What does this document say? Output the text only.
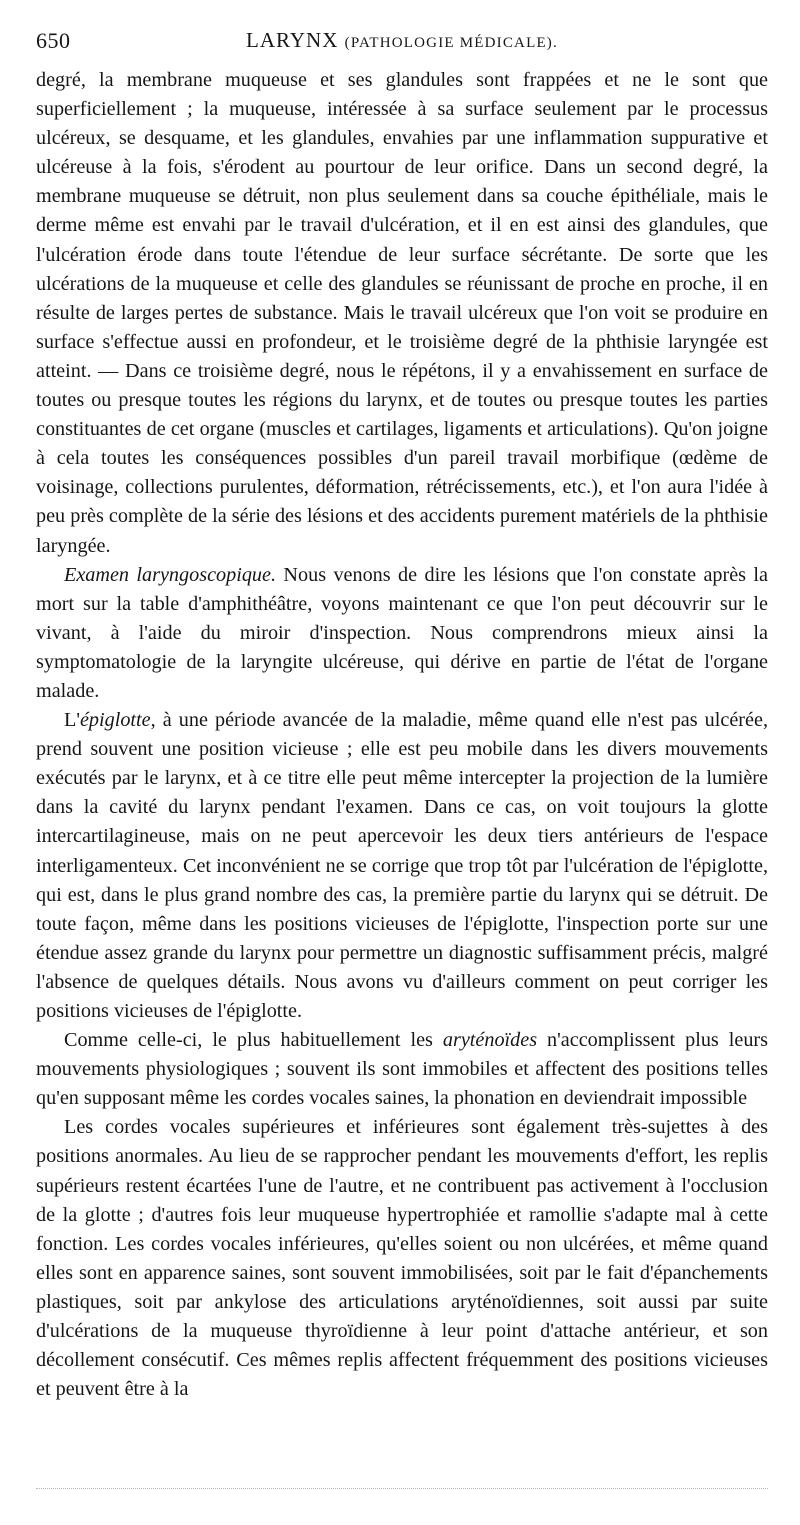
650	LARYNX (PATHOLOGIE MÉDICALE).

degré, la membrane muqueuse et ses glandules sont frappées et ne le sont que superficiellement ; la muqueuse, intéressée à sa surface seulement par le processus ulcéreux, se desquame, et les glandules, envahies par une inflammation suppurative et ulcéreuse à la fois, s'érodent au pourtour de leur orifice. Dans un second degré, la membrane muqueuse se détruit, non plus seulement dans sa couche épithéliale, mais le derme même est envahi par le travail d'ulcération, et il en est ainsi des glandules, que l'ulcération érode dans toute l'étendue de leur surface sécrétante. De sorte que les ulcérations de la muqueuse et celle des glandules se réunissant de proche en proche, il en résulte de larges pertes de substance. Mais le travail ulcéreux que l'on voit se produire en surface s'effectue aussi en profondeur, et le troisième degré de la phthisie laryngée est atteint. — Dans ce troisième degré, nous le répétons, il y a envahissement en surface de toutes ou presque toutes les régions du larynx, et de toutes ou presque toutes les parties constituantes de cet organe (muscles et cartilages, ligaments et articulations). Qu'on joigne à cela toutes les conséquences possibles d'un pareil travail morbifique (œdème de voisinage, collections purulentes, déformation, rétrécissements, etc.), et l'on aura l'idée à peu près complète de la série des lésions et des accidents purement matériels de la phthisie laryngée.

Examen laryngoscopique. Nous venons de dire les lésions que l'on constate après la mort sur la table d'amphithéâtre, voyons maintenant ce que l'on peut découvrir sur le vivant, à l'aide du miroir d'inspection. Nous comprendrons mieux ainsi la symptomatologie de la laryngite ulcéreuse, qui dérive en partie de l'état de l'organe malade.

L'épiglotte, à une période avancée de la maladie, même quand elle n'est pas ulcérée, prend souvent une position vicieuse ; elle est peu mobile dans les divers mouvements exécutés par le larynx, et à ce titre elle peut même intercepter la projection de la lumière dans la cavité du larynx pendant l'examen. Dans ce cas, on voit toujours la glotte intercartilagineuse, mais on ne peut apercevoir les deux tiers antérieurs de l'espace interligamenteux. Cet inconvénient ne se corrige que trop tôt par l'ulcération de l'épiglotte, qui est, dans le plus grand nombre des cas, la première partie du larynx qui se détruit. De toute façon, même dans les positions vicieuses de l'épiglotte, l'inspection porte sur une étendue assez grande du larynx pour permettre un diagnostic suffisamment précis, malgré l'absence de quelques détails. Nous avons vu d'ailleurs comment on peut corriger les positions vicieuses de l'épiglotte.

Comme celle-ci, le plus habituellement les aryténoïdes n'accomplissent plus leurs mouvements physiologiques ; souvent ils sont immobiles et affectent des positions telles qu'en supposant même les cordes vocales saines, la phonation en deviendrait impossible

Les cordes vocales supérieures et inférieures sont également très-sujettes à des positions anormales. Au lieu de se rapprocher pendant les mouvements d'effort, les replis supérieurs restent écartées l'une de l'autre, et ne contribuent pas activement à l'occlusion de la glotte ; d'autres fois leur muqueuse hypertrophiée et ramollie s'adapte mal à cette fonction. Les cordes vocales inférieures, qu'elles soient ou non ulcérées, et même quand elles sont en apparence saines, sont souvent immobilisées, soit par le fait d'épanchements plastiques, soit par ankylose des articulations aryténoïdiennes, soit aussi par suite d'ulcérations de la muqueuse thyroïdienne à leur point d'attache antérieur, et son décollement consécutif. Ces mêmes replis affectent fréquemment des positions vicieuses et peuvent être à la
